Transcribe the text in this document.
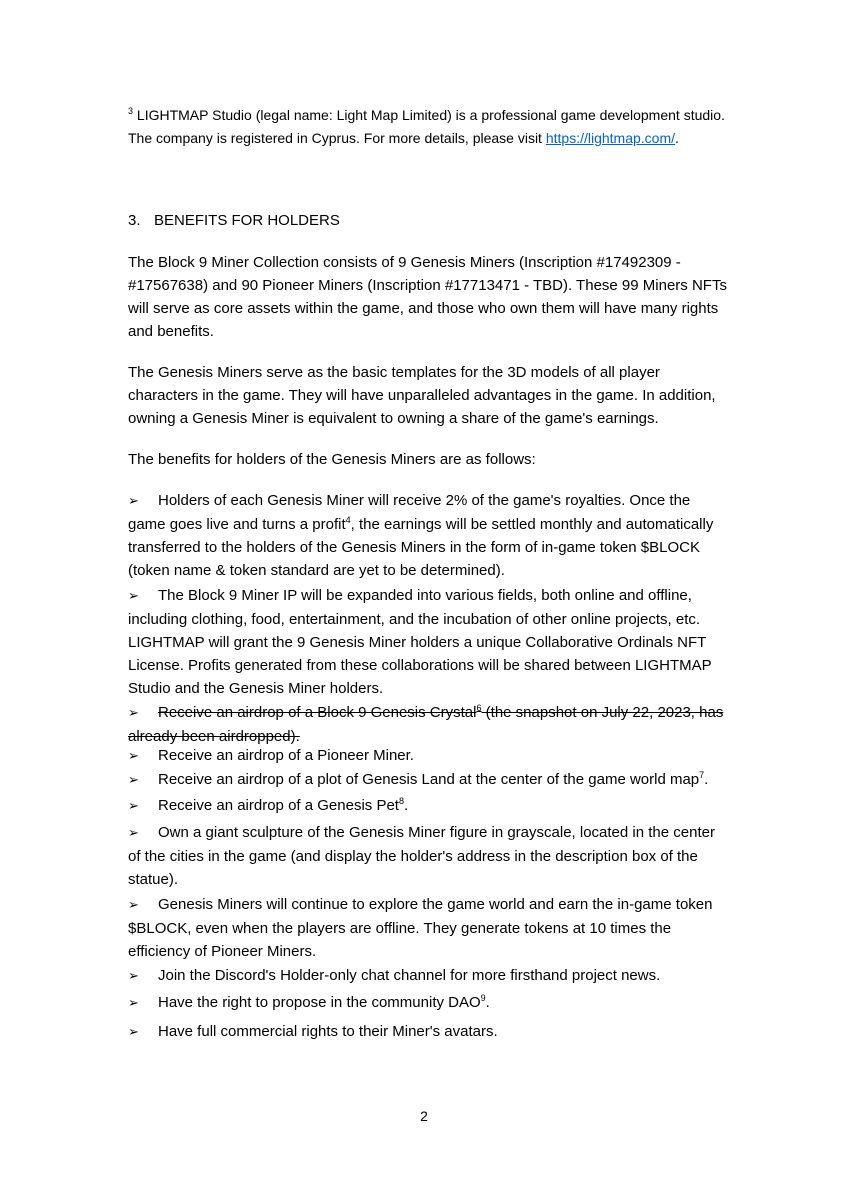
$^3$ LIGHTMAP Studio (legal name: Light Map Limited) is a professional game development studio. The company is registered in Cyprus. For more details, please visit https://lightmap.com/.
3. BENEFITS FOR HOLDERS
The Block 9 Miner Collection consists of 9 Genesis Miners (Inscription #17492309 - #17567638) and 90 Pioneer Miners (Inscription #17713471 - TBD). These 99 Miners NFTs will serve as core assets within the game, and those who own them will have many rights and benefits.
The Genesis Miners serve as the basic templates for the 3D models of all player characters in the game. They will have unparalleled advantages in the game. In addition, owning a Genesis Miner is equivalent to owning a share of the game's earnings.
The benefits for holders of the Genesis Miners are as follows:
➢ Holders of each Genesis Miner will receive 2% of the game's royalties. Once the game goes live and turns a profit$^4$, the earnings will be settled monthly and automatically transferred to the holders of the Genesis Miners in the form of in-game token $BLOCK (token name & token standard are yet to be determined).
➢ The Block 9 Miner IP will be expanded into various fields, both online and offline, including clothing, food, entertainment, and the incubation of other online projects, etc. LIGHTMAP will grant the 9 Genesis Miner holders a unique Collaborative Ordinals NFT License. Profits generated from these collaborations will be shared between LIGHTMAP Studio and the Genesis Miner holders.
➢ Receive an airdrop of a Block 9 Genesis Crystal$^6$ (the snapshot on July 22, 2023, has already been airdropped).
➢ Receive an airdrop of a Pioneer Miner.
➢ Receive an airdrop of a plot of Genesis Land at the center of the game world map$^7$.
➢ Receive an airdrop of a Genesis Pet$^8$.
➢ Own a giant sculpture of the Genesis Miner figure in grayscale, located in the center of the cities in the game (and display the holder's address in the description box of the statue).
➢ Genesis Miners will continue to explore the game world and earn the in-game token $BLOCK, even when the players are offline. They generate tokens at 10 times the efficiency of Pioneer Miners.
➢ Join the Discord's Holder-only chat channel for more firsthand project news.
➢ Have the right to propose in the community DAO$^9$.
➢ Have full commercial rights to their Miner's avatars.
2
